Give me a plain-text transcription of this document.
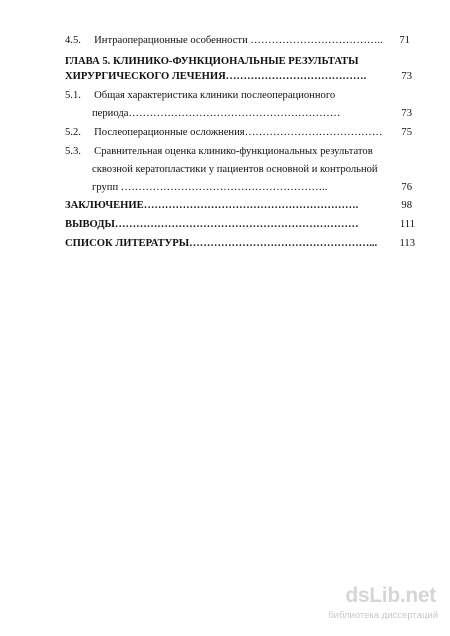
4.5.     Интраоперационные особенности ………………………………..	71
ГЛАВА 5. КЛИНИКО-ФУНКЦИОНАЛЬНЫЕ РЕЗУЛЬТАТЫ
ХИРУРГИЧЕСКОГО ЛЕЧЕНИЯ………………………………….	73
5.1.     Общая характеристика клиники послеоперационного
периода……………………………………………………	73
5.2.     Послеоперационные осложнения…………………………………	75
5.3.     Сравнительная оценка клинико-функциональных результатов
сквозной кератопластики у пациентов основной и контрольной
групп …………………………………………………..	76
ЗАКЛЮЧЕНИЕ…………………………………………………….	98
ВЫВОДЫ……………………………………………………………	111
СПИСОК ЛИТЕРАТУРЫ……………………………………………...	113
dsLib.net
библиотека диссертаций
